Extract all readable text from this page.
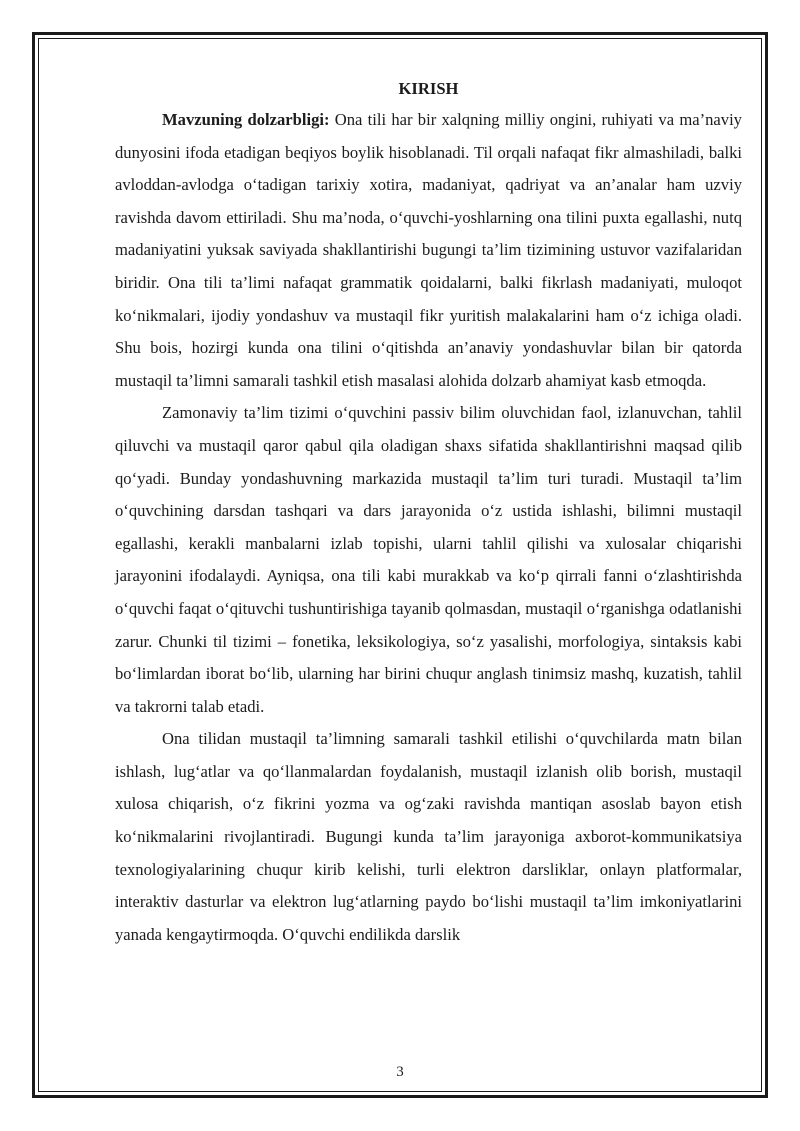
KIRISH

Mavzuning dolzarbligi: Ona tili har bir xalqning milliy ongini, ruhiyati va ma’naviy dunyosini ifoda etadigan beqiyos boylik hisoblanadi. Til orqali nafaqat fikr almashiladi, balki avloddan-avlodga o‘tadigan tarixiy xotira, madaniyat, qadriyat va an’analar ham uzviy ravishda davom ettiriladi. Shu ma’noda, o‘quvchi-yoshlarning ona tilini puxta egallashi, nutq madaniyatini yuksak saviyada shakllantirishi bugungi ta’lim tizimining ustuvor vazifalaridan biridir. Ona tili ta’limi nafaqat grammatik qoidalarni, balki fikrlash madaniyati, muloqot ko‘nikmalari, ijodiy yondashuv va mustaqil fikr yuritish malakalarini ham o‘z ichiga oladi. Shu bois, hozirgi kunda ona tilini o‘qitishda an’anaviy yondashuvlar bilan bir qatorda mustaqil ta’limni samarali tashkil etish masalasi alohida dolzarb ahamiyat kasb etmoqda.

Zamonaviy ta’lim tizimi o‘quvchini passiv bilim oluvchidan faol, izlanuvchan, tahlil qiluvchi va mustaqil qaror qabul qila oladigan shaxs sifatida shakllantirishni maqsad qilib qo‘yadi. Bunday yondashuvning markazida mustaqil ta’lim turi turadi. Mustaqil ta’lim o‘quvchining darsdan tashqari va dars jarayonida o‘z ustida ishlashi, bilimni mustaqil egallashi, kerakli manbalarni izlab topishi, ularni tahlil qilishi va xulosalar chiqarishi jarayonini ifodalaydi. Ayniqsa, ona tili kabi murakkab va ko‘p qirrali fanni o‘zlashtirishda o‘quvchi faqat o‘qituvchi tushuntirishiga tayanib qolmasdan, mustaqil o‘rganishga odatlanishi zarur. Chunki til tizimi – fonetika, leksikologiya, so‘z yasalishi, morfologiya, sintaksis kabi bo‘limlardan iborat bo‘lib, ularning har birini chuqur anglash tinimsiz mashq, kuzatish, tahlil va takrorni talab etadi.

Ona tilidan mustaqil ta’limning samarali tashkil etilishi o‘quvchilarda matn bilan ishlash, lug‘atlar va qo‘llanmalardan foydalanish, mustaqil izlanish olib borish, mustaqil xulosa chiqarish, o‘z fikrini yozma va og‘zaki ravishda mantiqan asoslab bayon etish ko‘nikmalarini rivojlantiradi. Bugungi kunda ta’lim jarayoniga axborot-kommunikatsiya texnologiyalarining chuqur kirib kelishi, turli elektron darsliklar, onlayn platformalar, interaktiv dasturlar va elektron lug‘atlarning paydo bo‘lishi mustaqil ta’lim imkoniyatlarini yanada kengaytirmoqda. O‘quvchi endilikda darslik

3
